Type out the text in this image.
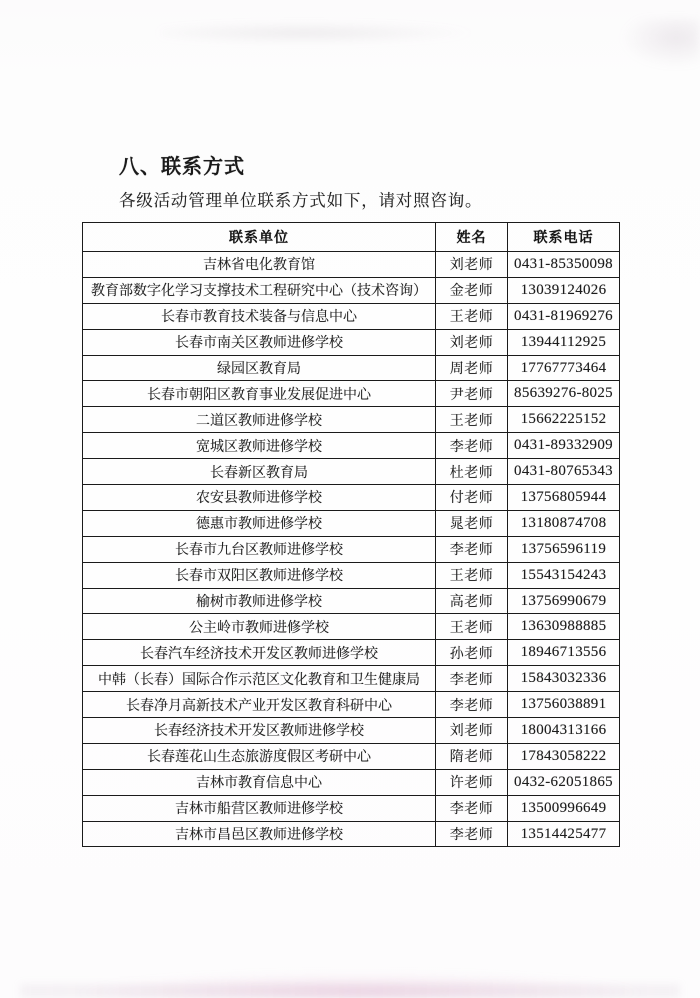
八、联系方式
各级活动管理单位联系方式如下，请对照咨询。
联系单位	姓名	联系电话
吉林省电化教育馆	刘老师	0431-85350098
教育部数字化学习支撑技术工程研究中心（技术咨询）	金老师	13039124026
长春市教育技术装备与信息中心	王老师	0431-81969276
长春市南关区教师进修学校	刘老师	13944112925
绿园区教育局	周老师	17767773464
长春市朝阳区教育事业发展促进中心	尹老师	85639276-8025
二道区教师进修学校	王老师	15662225152
宽城区教师进修学校	李老师	0431-89332909
长春新区教育局	杜老师	0431-80765343
农安县教师进修学校	付老师	13756805944
德惠市教师进修学校	晁老师	13180874708
长春市九台区教师进修学校	李老师	13756596119
长春市双阳区教师进修学校	王老师	15543154243
榆树市教师进修学校	高老师	13756990679
公主岭市教师进修学校	王老师	13630988885
长春汽车经济技术开发区教师进修学校	孙老师	18946713556
中韩（长春）国际合作示范区文化教育和卫生健康局	李老师	15843032336
长春净月高新技术产业开发区教育科研中心	李老师	13756038891
长春经济技术开发区教师进修学校	刘老师	18004313166
长春莲花山生态旅游度假区考研中心	隋老师	17843058222
吉林市教育信息中心	许老师	0432-62051865
吉林市船营区教师进修学校	李老师	13500996649
吉林市昌邑区教师进修学校	李老师	13514425477
